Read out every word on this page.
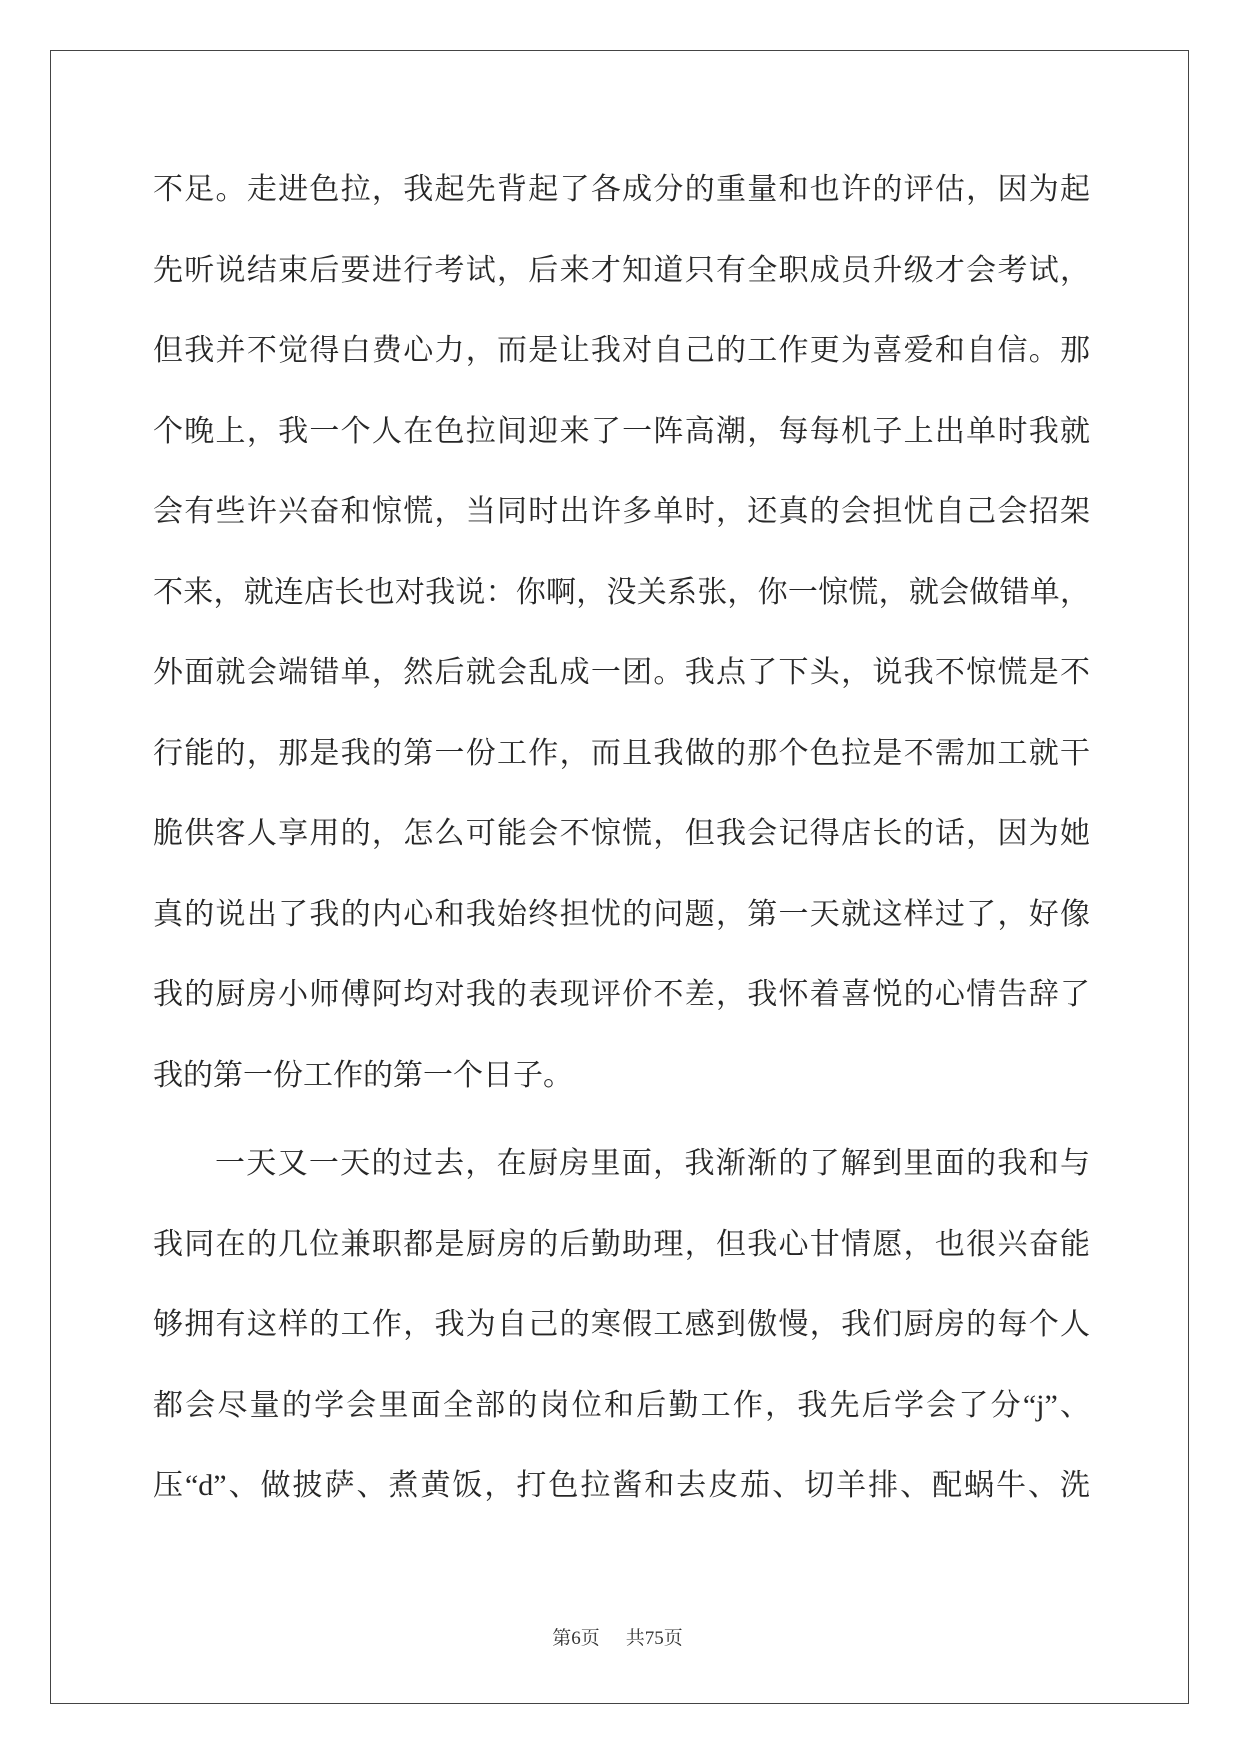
不足。走进色拉，我起先背起了各成分的重量和也许的评估，因为起
先听说结束后要进行考试，后来才知道只有全职成员升级才会考试，
但我并不觉得白费心力，而是让我对自己的工作更为喜爱和自信。那
个晚上，我一个人在色拉间迎来了一阵高潮，每每机子上出单时我就
会有些许兴奋和惊慌，当同时出许多单时，还真的会担忧自己会招架
不来，就连店长也对我说：你啊，没关系张，你一惊慌，就会做错单，
外面就会端错单，然后就会乱成一团。我点了下头，说我不惊慌是不
行能的，那是我的第一份工作，而且我做的那个色拉是不需加工就干
脆供客人享用的，怎么可能会不惊慌，但我会记得店长的话，因为她
真的说出了我的内心和我始终担忧的问题，第一天就这样过了，好像
我的厨房小师傅阿均对我的表现评价不差，我怀着喜悦的心情告辞了
我的第一份工作的第一个日子。
一天又一天的过去，在厨房里面，我渐渐的了解到里面的我和与
我同在的几位兼职都是厨房的后勤助理，但我心甘情愿，也很兴奋能
够拥有这样的工作，我为自己的寒假工感到傲慢，我们厨房的每个人
都会尽量的学会里面全部的岗位和后勤工作，我先后学会了分“j”、
压“d”、做披萨、煮黄饭，打色拉酱和去皮茄、切羊排、配蜗牛、洗
第6页 共75页
